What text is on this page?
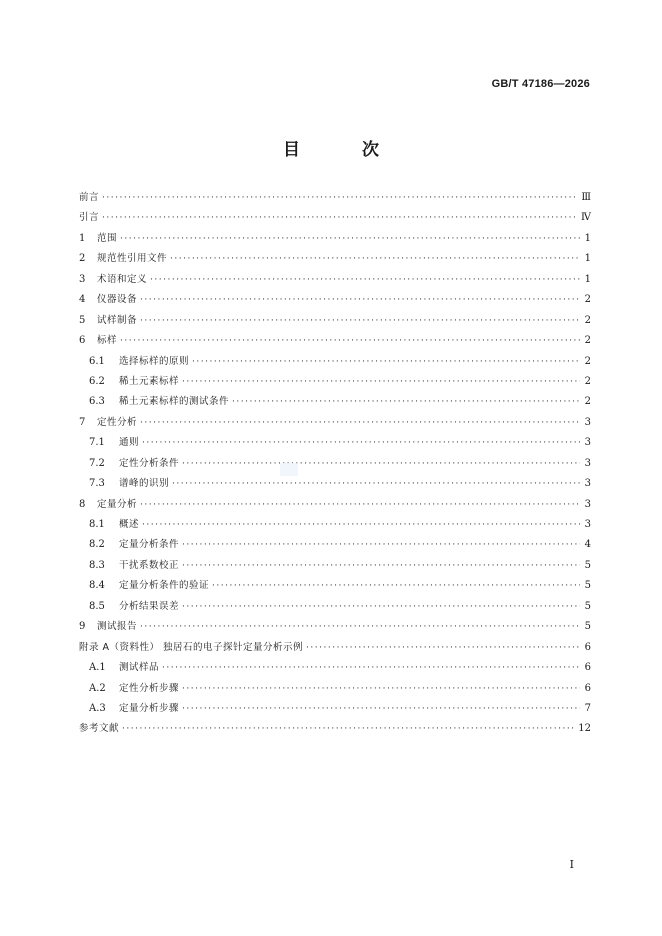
GB/T 47186—2026
目 次
前言 ·····	Ⅲ
引言 ·····	Ⅳ
1	范围 ·····	1
2	规范性引用文件 ·····	1
3	术语和定义 ·····	1
4	仪器设备 ·····	2
5	试样制备 ·····	2
6	标样 ·····	2
6.1	选择标样的原则 ·····	2
6.2	稀土元素标样 ·····	2
6.3	稀土元素标样的测试条件 ·····	2
7	定性分析 ·····	3
7.1	通则 ·····	3
7.2	定性分析条件 ·····	3
7.3	谱峰的识别 ·····	3
8	定量分析 ·····	3
8.1	概述 ·····	3
8.2	定量分析条件 ·····	4
8.3	干扰系数校正 ·····	5
8.4	定量分析条件的验证 ·····	5
8.5	分析结果误差 ·····	5
9	测试报告 ·····	5
附录 A（资料性） 独居石的电子探针定量分析示例 ·····	6
A.1	测试样品 ·····	6
A.2	定性分析步骤 ·····	6
A.3	定量分析步骤 ·····	7
参考文献 ·····	12
Ⅰ
